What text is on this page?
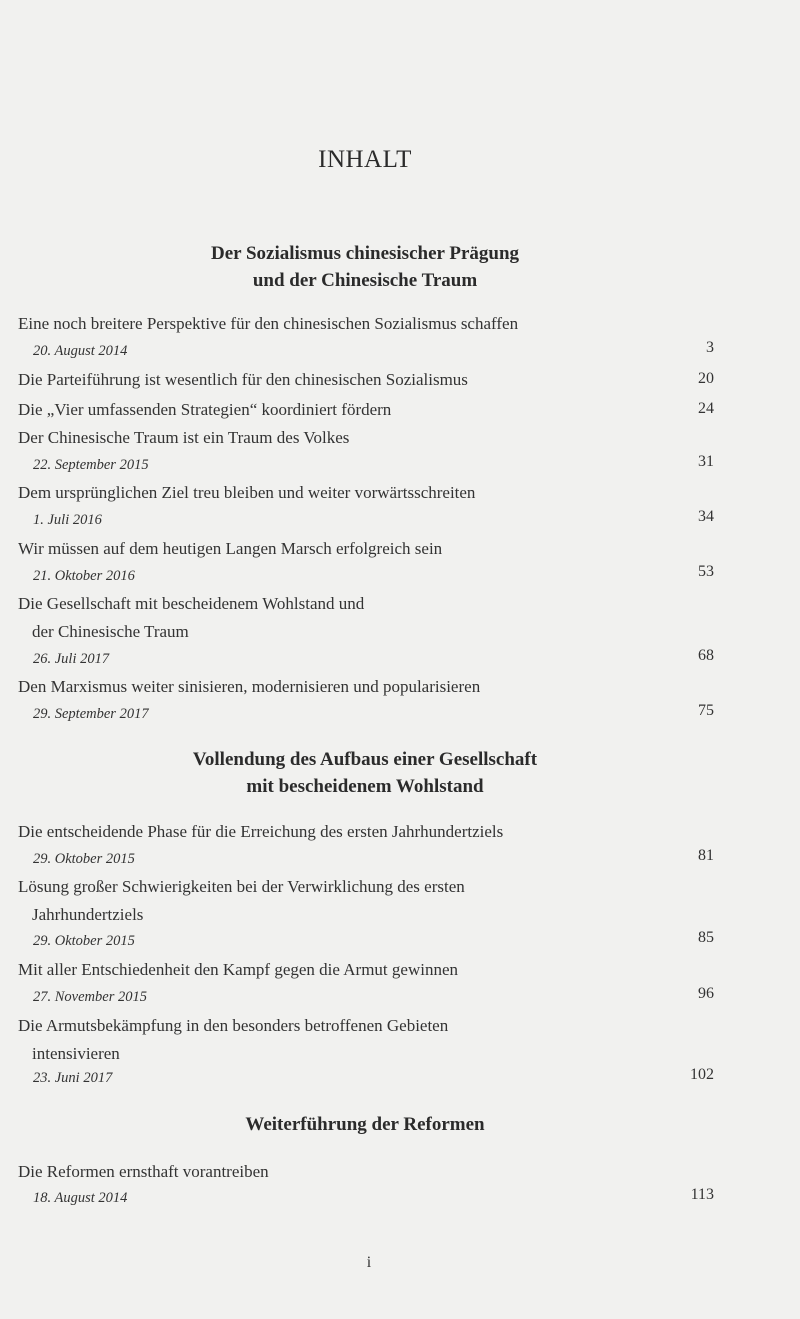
INHALT
Der Sozialismus chinesischer Prägung
und der Chinesische Traum
Eine noch breitere Perspektive für den chinesischen Sozialismus schaffen
20. August 2014	3
Die Parteiführung ist wesentlich für den chinesischen Sozialismus	20
Die „Vier umfassenden Strategien“ koordiniert fördern	24
Der Chinesische Traum ist ein Traum des Volkes
22. September 2015	31
Dem ursprünglichen Ziel treu bleiben und weiter vorwärtsschreiten
1. Juli 2016	34
Wir müssen auf dem heutigen Langen Marsch erfolgreich sein
21. Oktober 2016	53
Die Gesellschaft mit bescheidenem Wohlstand und
der Chinesische Traum
26. Juli 2017	68
Den Marxismus weiter sinisieren, modernisieren und popularisieren
29. September 2017	75
Vollendung des Aufbaus einer Gesellschaft
mit bescheidenem Wohlstand
Die entscheidende Phase für die Erreichung des ersten Jahrhundertziels
29. Oktober 2015	81
Lösung großer Schwierigkeiten bei der Verwirklichung des ersten
Jahrhundertziels
29. Oktober 2015	85
Mit aller Entschiedenheit den Kampf gegen die Armut gewinnen
27. November 2015	96
Die Armutsbekämpfung in den besonders betroffenen Gebieten
intensivieren
23. Juni 2017	102
Weiterführung der Reformen
Die Reformen ernsthaft vorantreiben
18. August 2014	113
i
